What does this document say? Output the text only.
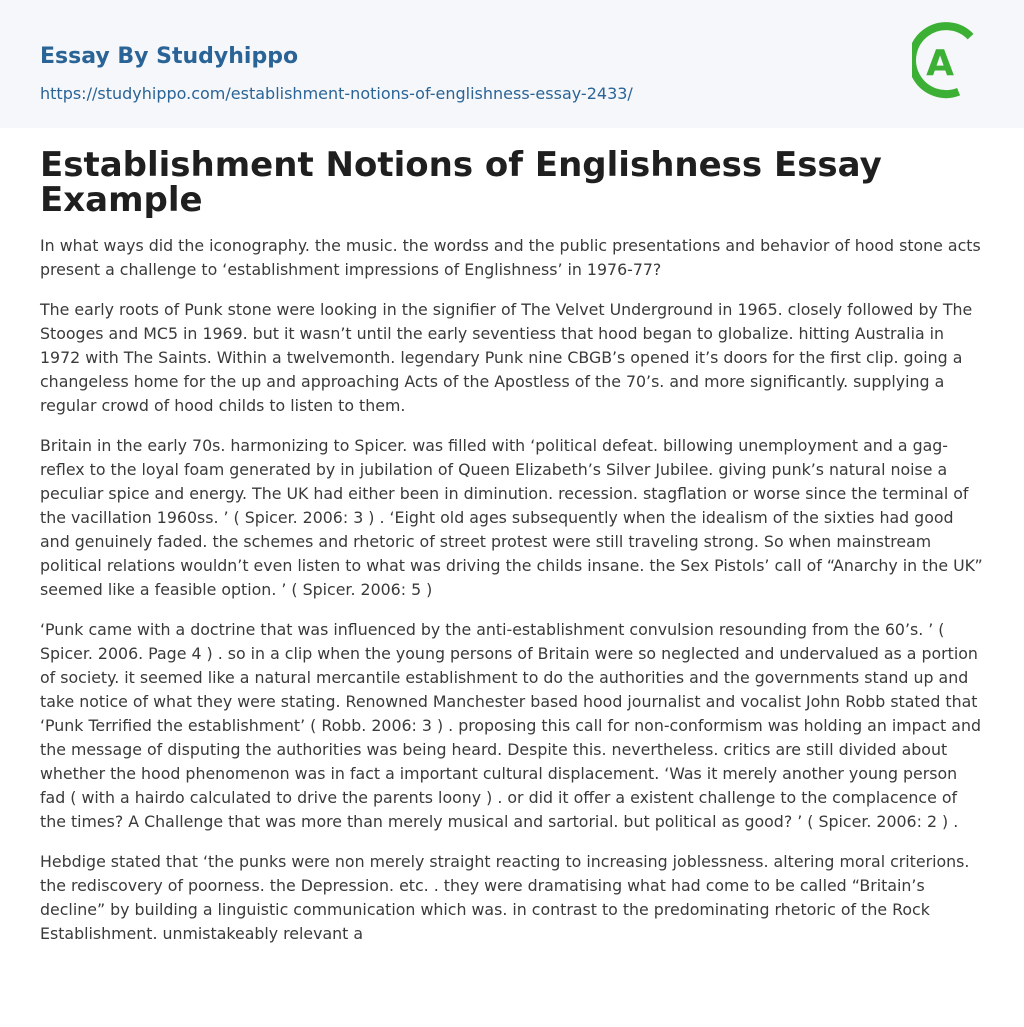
Essay By Studyhippo
https://studyhippo.com/establishment-notions-of-englishness-essay-2433/
A
Establishment Notions of Englishness Essay Example

In what ways did the iconography. the music. the wordss and the public presentations and behavior of hood stone acts present a challenge to ‘establishment impressions of Englishness’ in 1976-77?

The early roots of Punk stone were looking in the signifier of The Velvet Underground in 1965. closely followed by The Stooges and MC5 in 1969. but it wasn’t until the early seventiess that hood began to globalize. hitting Australia in 1972 with The Saints. Within a twelvemonth. legendary Punk nine CBGB’s opened it’s doors for the first clip. going a changeless home for the up and approaching Acts of the Apostless of the 70’s. and more significantly. supplying a regular crowd of hood childs to listen to them.

Britain in the early 70s. harmonizing to Spicer. was filled with ‘political defeat. billowing unemployment and a gag-reflex to the loyal foam generated by in jubilation of Queen Elizabeth’s Silver Jubilee. giving punk’s natural noise a peculiar spice and energy. The UK had either been in diminution. recession. stagflation or worse since the terminal of the vacillation 1960ss. ’ ( Spicer. 2006: 3 ) . ‘Eight old ages subsequently when the idealism of the sixties had good and genuinely faded. the schemes and rhetoric of street protest were still traveling strong. So when mainstream political relations wouldn’t even listen to what was driving the childs insane. the Sex Pistols’ call of “Anarchy in the UK” seemed like a feasible option. ’ ( Spicer. 2006: 5 )

‘Punk came with a doctrine that was influenced by the anti-establishment convulsion resounding from the 60’s. ’ ( Spicer. 2006. Page 4 ) . so in a clip when the young persons of Britain were so neglected and undervalued as a portion of society. it seemed like a natural mercantile establishment to do the authorities and the governments stand up and take notice of what they were stating. Renowned Manchester based hood journalist and vocalist John Robb stated that ‘Punk Terrified the establishment’ ( Robb. 2006: 3 ) . proposing this call for non-conformism was holding an impact and the message of disputing the authorities was being heard. Despite this. nevertheless. critics are still divided about whether the hood phenomenon was in fact a important cultural displacement. ‘Was it merely another young person fad ( with a hairdo calculated to drive the parents loony ) . or did it offer a existent challenge to the complacence of the times? A Challenge that was more than merely musical and sartorial. but political as good? ’ ( Spicer. 2006: 2 ) .

Hebdige stated that ‘the punks were non merely straight reacting to increasing joblessness. altering moral criterions. the rediscovery of poorness. the Depression. etc. . they were dramatising what had come to be called “Britain’s decline” by building a linguistic communication which was. in contrast to the predominating rhetoric of the Rock Establishment. unmistakeably relevant a
